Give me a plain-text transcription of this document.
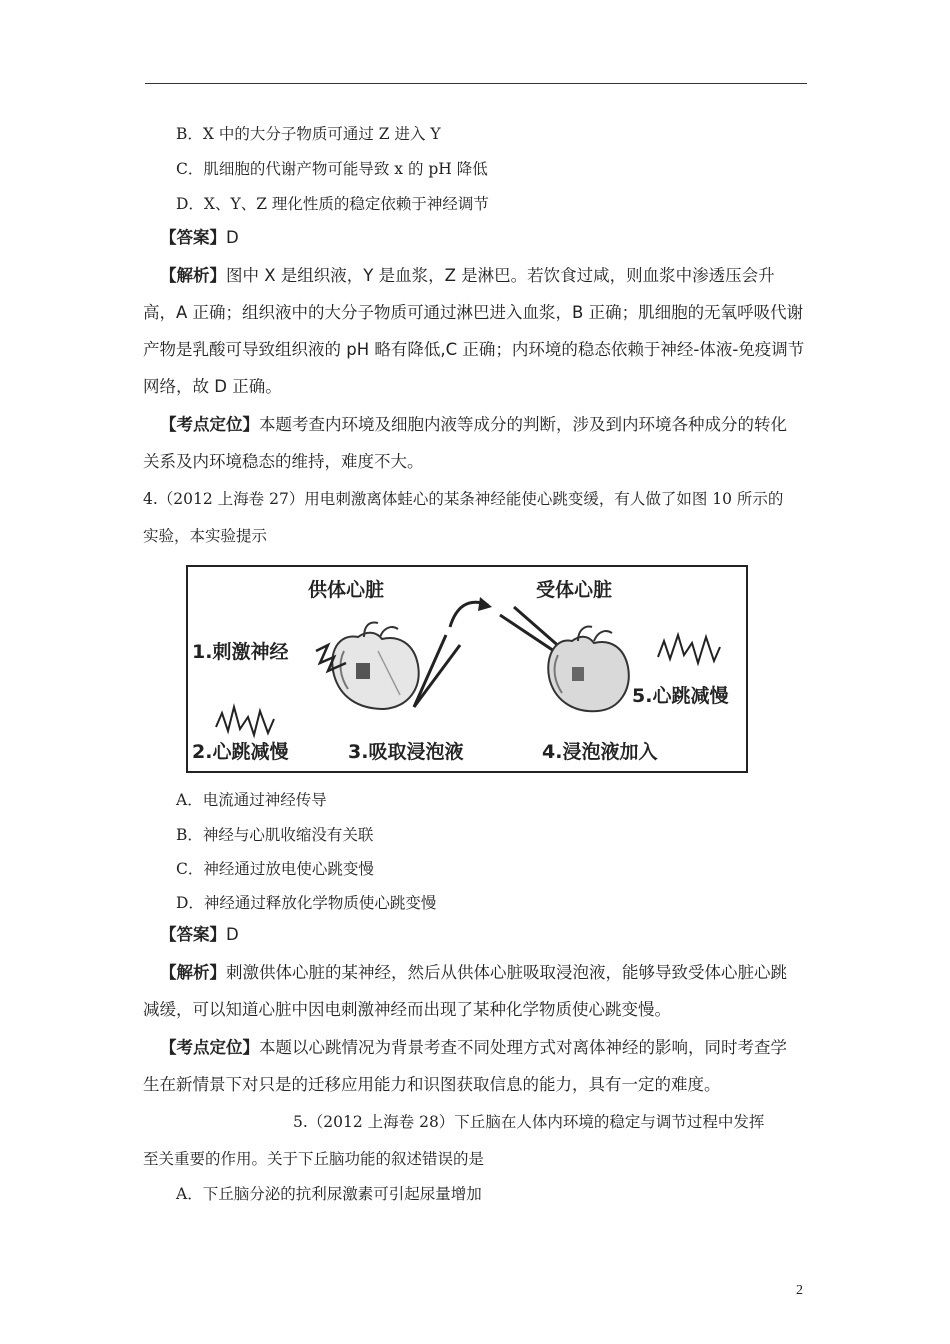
B．X 中的大分子物质可通过 Z 进入 Y
C．肌细胞的代谢产物可能导致 x 的 pH 降低
D．X、Y、Z 理化性质的稳定依赖于神经调节
【答案】D
【解析】图中 X 是组织液，Y 是血浆，Z 是淋巴。若饮食过咸，则血浆中渗透压会升
高，A 正确；组织液中的大分子物质可通过淋巴进入血浆，B 正确；肌细胞的无氧呼吸代谢
产物是乳酸可导致组织液的 pH 略有降低,C 正确；内环境的稳态依赖于神经-体液-免疫调节
网络，故 D 正确。
【考点定位】本题考查内环境及细胞内液等成分的判断，涉及到内环境各种成分的转化
关系及内环境稳态的维持，难度不大。
4.（2012 上海卷 27）用电刺激离体蛙心的某条神经能使心跳变缓，有人做了如图 10 所示的
实验，本实验提示
供体心脏	受体心脏
1.刺激神经
2.心跳减慢	3.吸取浸泡液	4.浸泡液加入
5.心跳减慢
A．电流通过神经传导
B．神经与心肌收缩没有关联
C．神经通过放电使心跳变慢
D．神经通过释放化学物质使心跳变慢
【答案】D
【解析】刺激供体心脏的某神经，然后从供体心脏吸取浸泡液，能够导致受体心脏心跳
减缓，可以知道心脏中因电刺激神经而出现了某种化学物质使心跳变慢。
【考点定位】本题以心跳情况为背景考查不同处理方式对离体神经的影响，同时考查学
生在新情景下对只是的迁移应用能力和识图获取信息的能力，具有一定的难度。
5.（2012 上海卷 28）下丘脑在人体内环境的稳定与调节过程中发挥
至关重要的作用。关于下丘脑功能的叙述错误的是
A．下丘脑分泌的抗利尿激素可引起尿量增加
2
